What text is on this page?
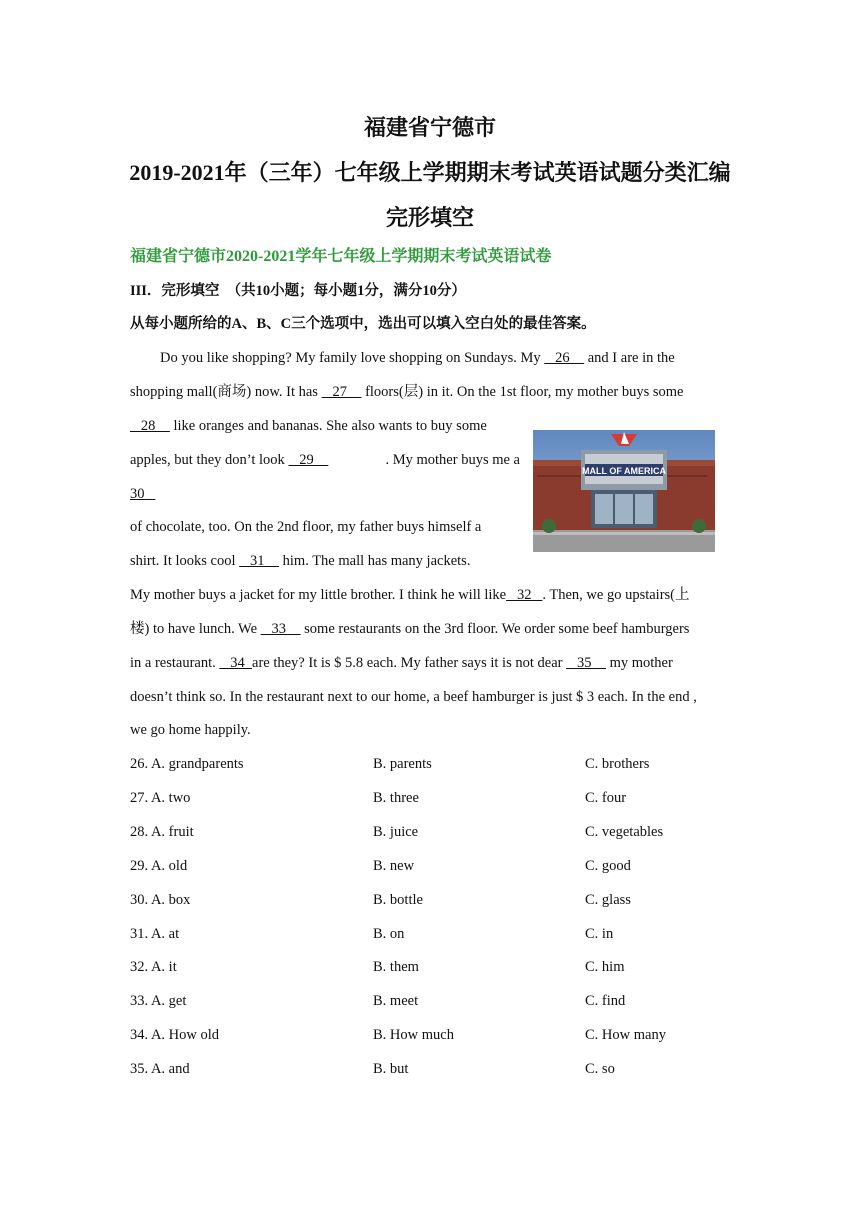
福建省宁德市
2019-2021年（三年）七年级上学期期末考试英语试题分类汇编
完形填空
福建省宁德市2020-2021学年七年级上学期期末考试英语试卷
III．完形填空　（共10小题；每小题1分，满分10分）
从每小题所给的A、B、C三个选项中，选出可以填入空白处的最佳答案。
Do you like shopping? My family love shopping on Sundays. My    26     and I are in the
shopping mall(商场) now. It has    27     floors(层) in it. On the 1st floor, my mother buys some
28     like oranges and bananas. She also wants to buy some
apples, but they don’t look    29	. My mother buys me a
30
of chocolate, too. On the 2nd floor, my father buys himself a
shirt. It looks cool    31     him. The mall has many jackets.
My mother buys a jacket for my little brother. I think he will like   32   . Then, we go upstairs(上
楼) to have lunch. We    33     some restaurants on the 3rd floor. We order some beef hamburgers
in a restaurant.    34  are they? It is $ 5.8 each. My father says it is not dear    35     my mother
doesn’t think so. In the restaurant next to our home, a beef hamburger is just $ 3 each. In the end ,
we go home happily.
MALL OF AMERICA
26. A. grandparents	B. parents	C. brothers
27. A. two	B. three	C. four
28. A. fruit	B. juice	C. vegetables
29. A. old	B. new	C. good
30. A. box	B. bottle	C. glass
31. A. at	B. on	C. in
32. A. it	B. them	C. him
33. A. get	B. meet	C. find
34. A. How old	B. How much	C. How many
35. A. and	B. but	C. so
